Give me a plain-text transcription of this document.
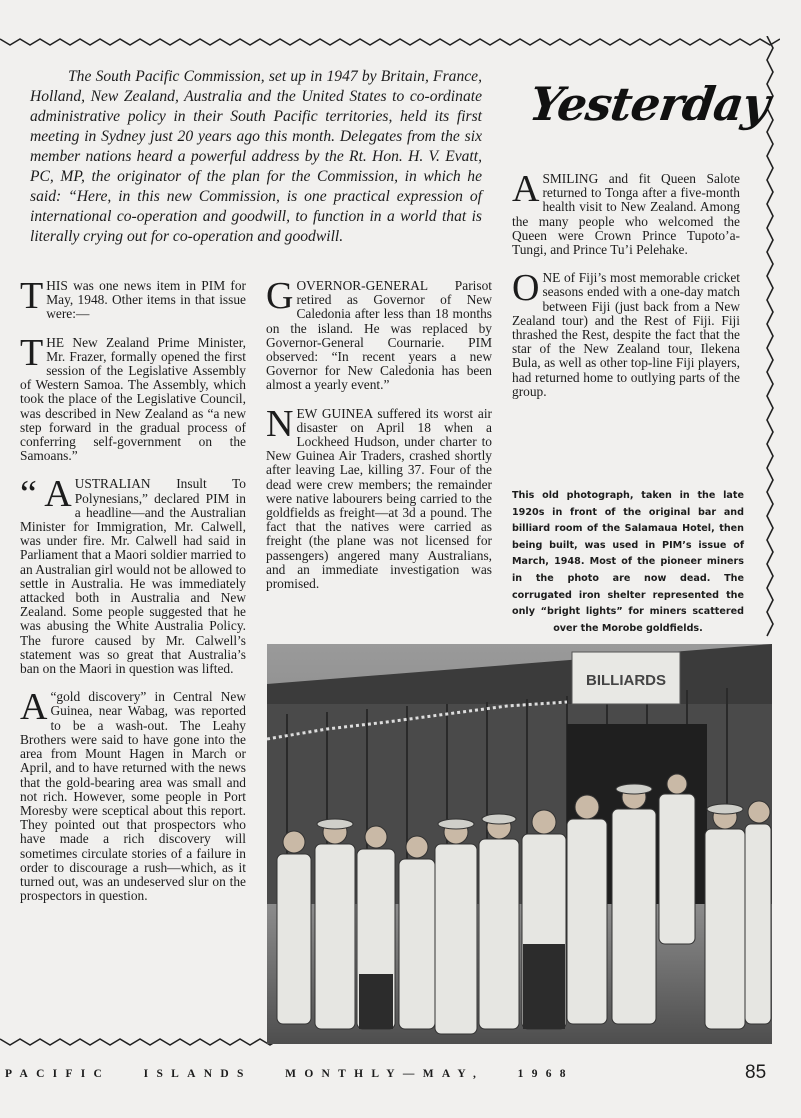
The South Pacific Commission, set up in 1947 by Britain, France, Holland, New Zealand, Australia and the United States to co-ordinate administrative policy in their South Pacific territories, held its first meeting in Sydney just 20 years ago this month. Delegates from the six member nations heard a powerful address by the Rt. Hon. H. V. Evatt, PC, MP, the originator of the plan for the Commission, in which he said: “Here, in this new Commission, is one practical expression of international co-operation and goodwill, to function in a world that is literally crying out for co-operation and goodwill.

Yesterday

THIS was one news item in PIM for May, 1948. Other items in that issue were:—

THE New Zealand Prime Minister, Mr. Frazer, formally opened the first session of the Legislative Assembly of Western Samoa. The Assembly, which took the place of the Legislative Council, was described in New Zealand as “a new step forward in the gradual process of conferring self-government on the Samoans.”

“ A USTRALIAN Insult To Polynesians,” declared PIM in a headline—and the Australian Minister for Immigration, Mr. Calwell, was under fire. Mr. Calwell had said in Parliament that a Maori soldier married to an Australian girl would not be allowed to settle in Australia. He was immediately attacked both in Australia and New Zealand. Some people suggested that he was abusing the White Australia Policy. The furore caused by Mr. Calwell’s statement was so great that Australia’s ban on the Maori in question was lifted.

A “gold discovery” in Central New Guinea, near Wabag, was reported to be a wash-out. The Leahy Brothers were said to have gone into the area from Mount Hagen in March or April, and to have returned with the news that the gold-bearing area was small and not rich. However, some people in Port Moresby were sceptical about this report. They pointed out that prospectors who have made a rich discovery will sometimes circulate stories of a failure in order to discourage a rush—which, as it turned out, was an undeserved slur on the prospectors in question.

GOVERNOR-GENERAL Parisot retired as Governor of New Caledonia after less than 18 months on the island. He was replaced by Governor-General Cournarie. PIM observed: “In recent years a new Governor for New Caledonia has been almost a yearly event.”

NEW GUINEA suffered its worst air disaster on April 18 when a Lockheed Hudson, under charter to New Guinea Air Traders, crashed shortly after leaving Lae, killing 37. Four of the dead were crew members; the remainder were native labourers being carried to the goldfields as freight—at 3d a pound. The fact that the natives were carried as freight (the plane was not licensed for passengers) angered many Australians, and an immediate investigation was promised.

ASMILING and fit Queen Salote returned to Tonga after a five-month health visit to New Zealand. Among the many people who welcomed the Queen were Crown Prince Tupoto’a-Tungi, and Prince Tu’i Pelehake.

ONE of Fiji’s most memorable cricket seasons ended with a one-day match between Fiji (just back from a New Zealand tour) and the Rest of Fiji. Fiji thrashed the Rest, despite the fact that the star of the New Zealand tour, Ilekena Bula, as well as other top-line Fiji players, had returned home to outlying parts of the group.

This old photograph, taken in the late 1920s in front of the original bar and billiard room of the Salamaua Hotel, then being built, was used in PIM’s issue of March, 1948. Most of the pioneer miners in the photo are now dead. The corrugated iron shelter represented the only “bright lights” for miners scattered over the Morobe goldfields.

BILLIARDS
PACIFIC   ISLANDS   MONTHLY—MAY,   1968	85
